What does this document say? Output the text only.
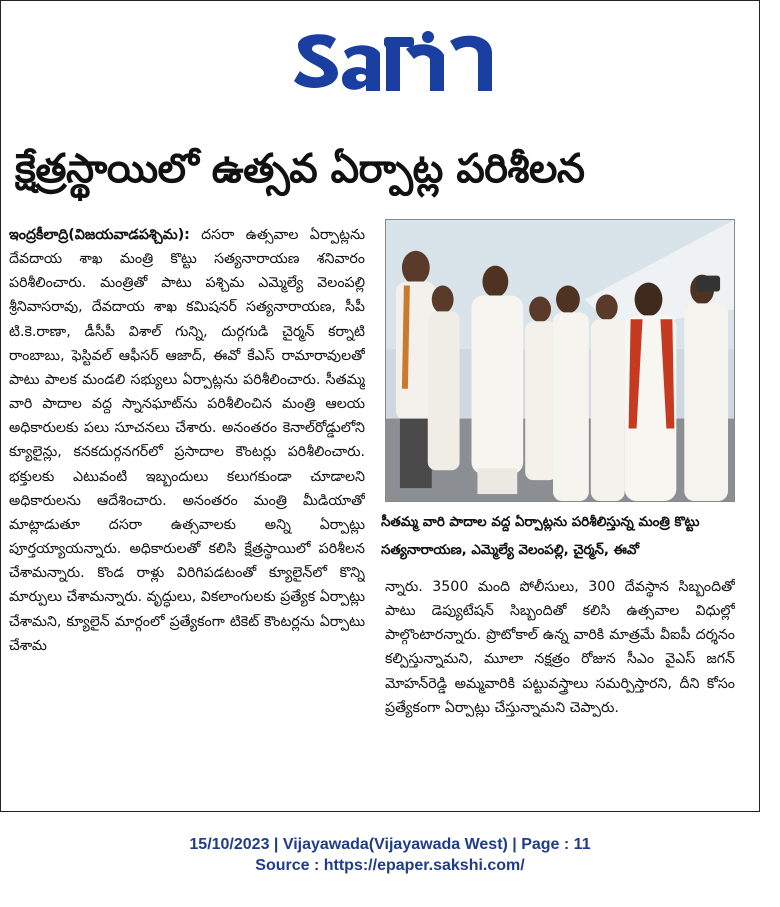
క్షేత్రస్థాయిలో ఉత్సవ ఏర్పాట్ల పరిశీలన
ఇంద్రకీలాద్రి(విజయవాడపశ్చిమ): దసరా ఉత్సవాల ఏర్పాట్లను దేవదాయ శాఖ మంత్రి కొట్టు సత్యనారాయణ శనివారం పరిశీలించారు. మంత్రితో పాటు పశ్చిమ ఎమ్మెల్యే వెలంపల్లి శ్రీనివాసరావు, దేవదాయ శాఖ కమిషనర్ సత్యనారాయణ, సీపీ టి.కె.రాణా, డీసీపీ విశాల్ గున్ని, దుర్గగుడి చైర్మన్ కర్నాటి రాంబాబు, ఫెస్టివల్ ఆఫీసర్ ఆజాద్, ఈవో కేఎస్ రామారావులతో పాటు పాలక మండలి సభ్యులు ఏర్పాట్లను పరిశీలించారు. సీతమ్మ వారి పాదాల వద్ద స్నానఘాట్‌ను పరిశీలించిన మంత్రి ఆలయ అధికారులకు పలు సూచనలు చేశారు. అనంతరం కెనాల్‌రోడ్డులోని క్యూలైన్లు, కనకదుర్గనగర్‌లో ప్రసాదాల కౌంటర్లు పరిశీలించారు. భక్తులకు ఎటువంటి ఇబ్బందులు కలుగకుండా చూడాలని అధికారులను ఆదేశించారు. అనంతరం మంత్రి మీడియాతో మాట్లాడుతూ దసరా ఉత్సవాలకు అన్ని ఏర్పాట్లు పూర్తయ్యాయన్నారు. అధికారులతో కలిసి క్షేత్రస్థాయిలో పరిశీలన చేశామన్నారు. కొండ రాళ్లు విరిగిపడటంతో క్యూలైన్‌లో కొన్ని మార్పులు చేశామన్నారు. వృద్ధులు, వికలాంగులకు ప్రత్యేక ఏర్పాట్లు చేశామని, క్యూలైన్ మార్గంలో ప్రత్యేకంగా టికెట్ కౌంటర్లను ఏర్పాటు చేశామ
సీతమ్మ వారి పాదాల వద్ద ఏర్పాట్లను పరిశీలిస్తున్న మంత్రి కొట్టు సత్యనారాయణ, ఎమ్మెల్యే వెలంపల్లి, చైర్మన్, ఈవో
న్నారు. 3500 మంది పోలీసులు, 300 దేవస్థాన సిబ్బందితో పాటు డెప్యుటేషన్ సిబ్బందితో కలిసి ఉత్సవాల విధుల్లో పాల్గొంటారన్నారు. ప్రొటోకాల్ ఉన్న వారికి మాత్రమే వీఐపీ దర్శనం కల్పిస్తున్నామని, మూలా నక్షత్రం రోజున సీఎం వైఎస్ జగన్ మోహన్‌రెడ్డి అమ్మవారికి పట్టువస్త్రాలు సమర్పిస్తారని, దీని కోసం ప్రత్యేకంగా ఏర్పాట్లు చేస్తున్నామని చెప్పారు.
15/10/2023 | Vijayawada(Vijayawada West) | Page : 11
Source : https://epaper.sakshi.com/
